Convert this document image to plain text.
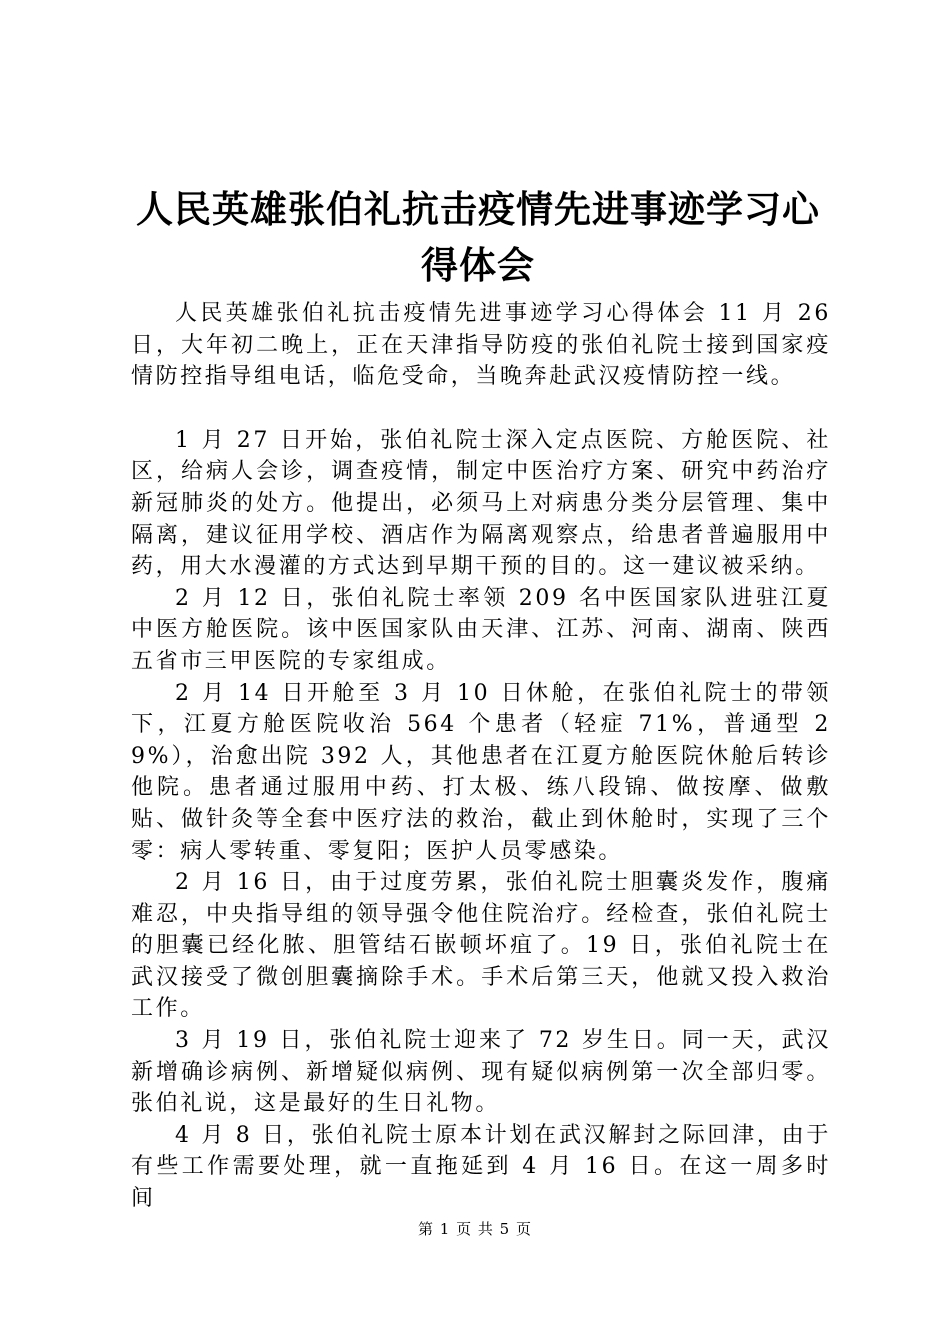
人民英雄张伯礼抗击疫情先进事迹学习心得体会

人民英雄张伯礼抗击疫情先进事迹学习心得体会 11 月 26 日，大年初二晚上，正在天津指导防疫的张伯礼院士接到国家疫情防控指导组电话，临危受命，当晚奔赴武汉疫情防控一线。

1 月 27 日开始，张伯礼院士深入定点医院、方舱医院、社区，给病人会诊，调查疫情，制定中医治疗方案、研究中药治疗新冠肺炎的处方。他提出，必须马上对病患分类分层管理、集中隔离，建议征用学校、酒店作为隔离观察点，给患者普遍服用中药，用大水漫灌的方式达到早期干预的目的。这一建议被采纳。

2 月 12 日，张伯礼院士率领 209 名中医国家队进驻江夏中医方舱医院。该中医国家队由天津、江苏、河南、湖南、陕西五省市三甲医院的专家组成。

2 月 14 日开舱至 3 月 10 日休舱，在张伯礼院士的带领下，江夏方舱医院收治 564 个患者（轻症 71%，普通型 29%），治愈出院 392 人，其他患者在江夏方舱医院休舱后转诊他院。患者通过服用中药、打太极、练八段锦、做按摩、做敷贴、做针灸等全套中医疗法的救治，截止到休舱时，实现了三个零：病人零转重、零复阳；医护人员零感染。

2 月 16 日，由于过度劳累，张伯礼院士胆囊炎发作，腹痛难忍，中央指导组的领导强令他住院治疗。经检查，张伯礼院士的胆囊已经化脓、胆管结石嵌顿坏疽了。19 日，张伯礼院士在武汉接受了微创胆囊摘除手术。手术后第三天，他就又投入救治工作。

3 月 19 日，张伯礼院士迎来了 72 岁生日。同一天，武汉新增确诊病例、新增疑似病例、现有疑似病例第一次全部归零。张伯礼说，这是最好的生日礼物。

4 月 8 日，张伯礼院士原本计划在武汉解封之际回津，由于有些工作需要处理，就一直拖延到 4 月 16 日。在这一周多时间

第 1 页 共 5 页
